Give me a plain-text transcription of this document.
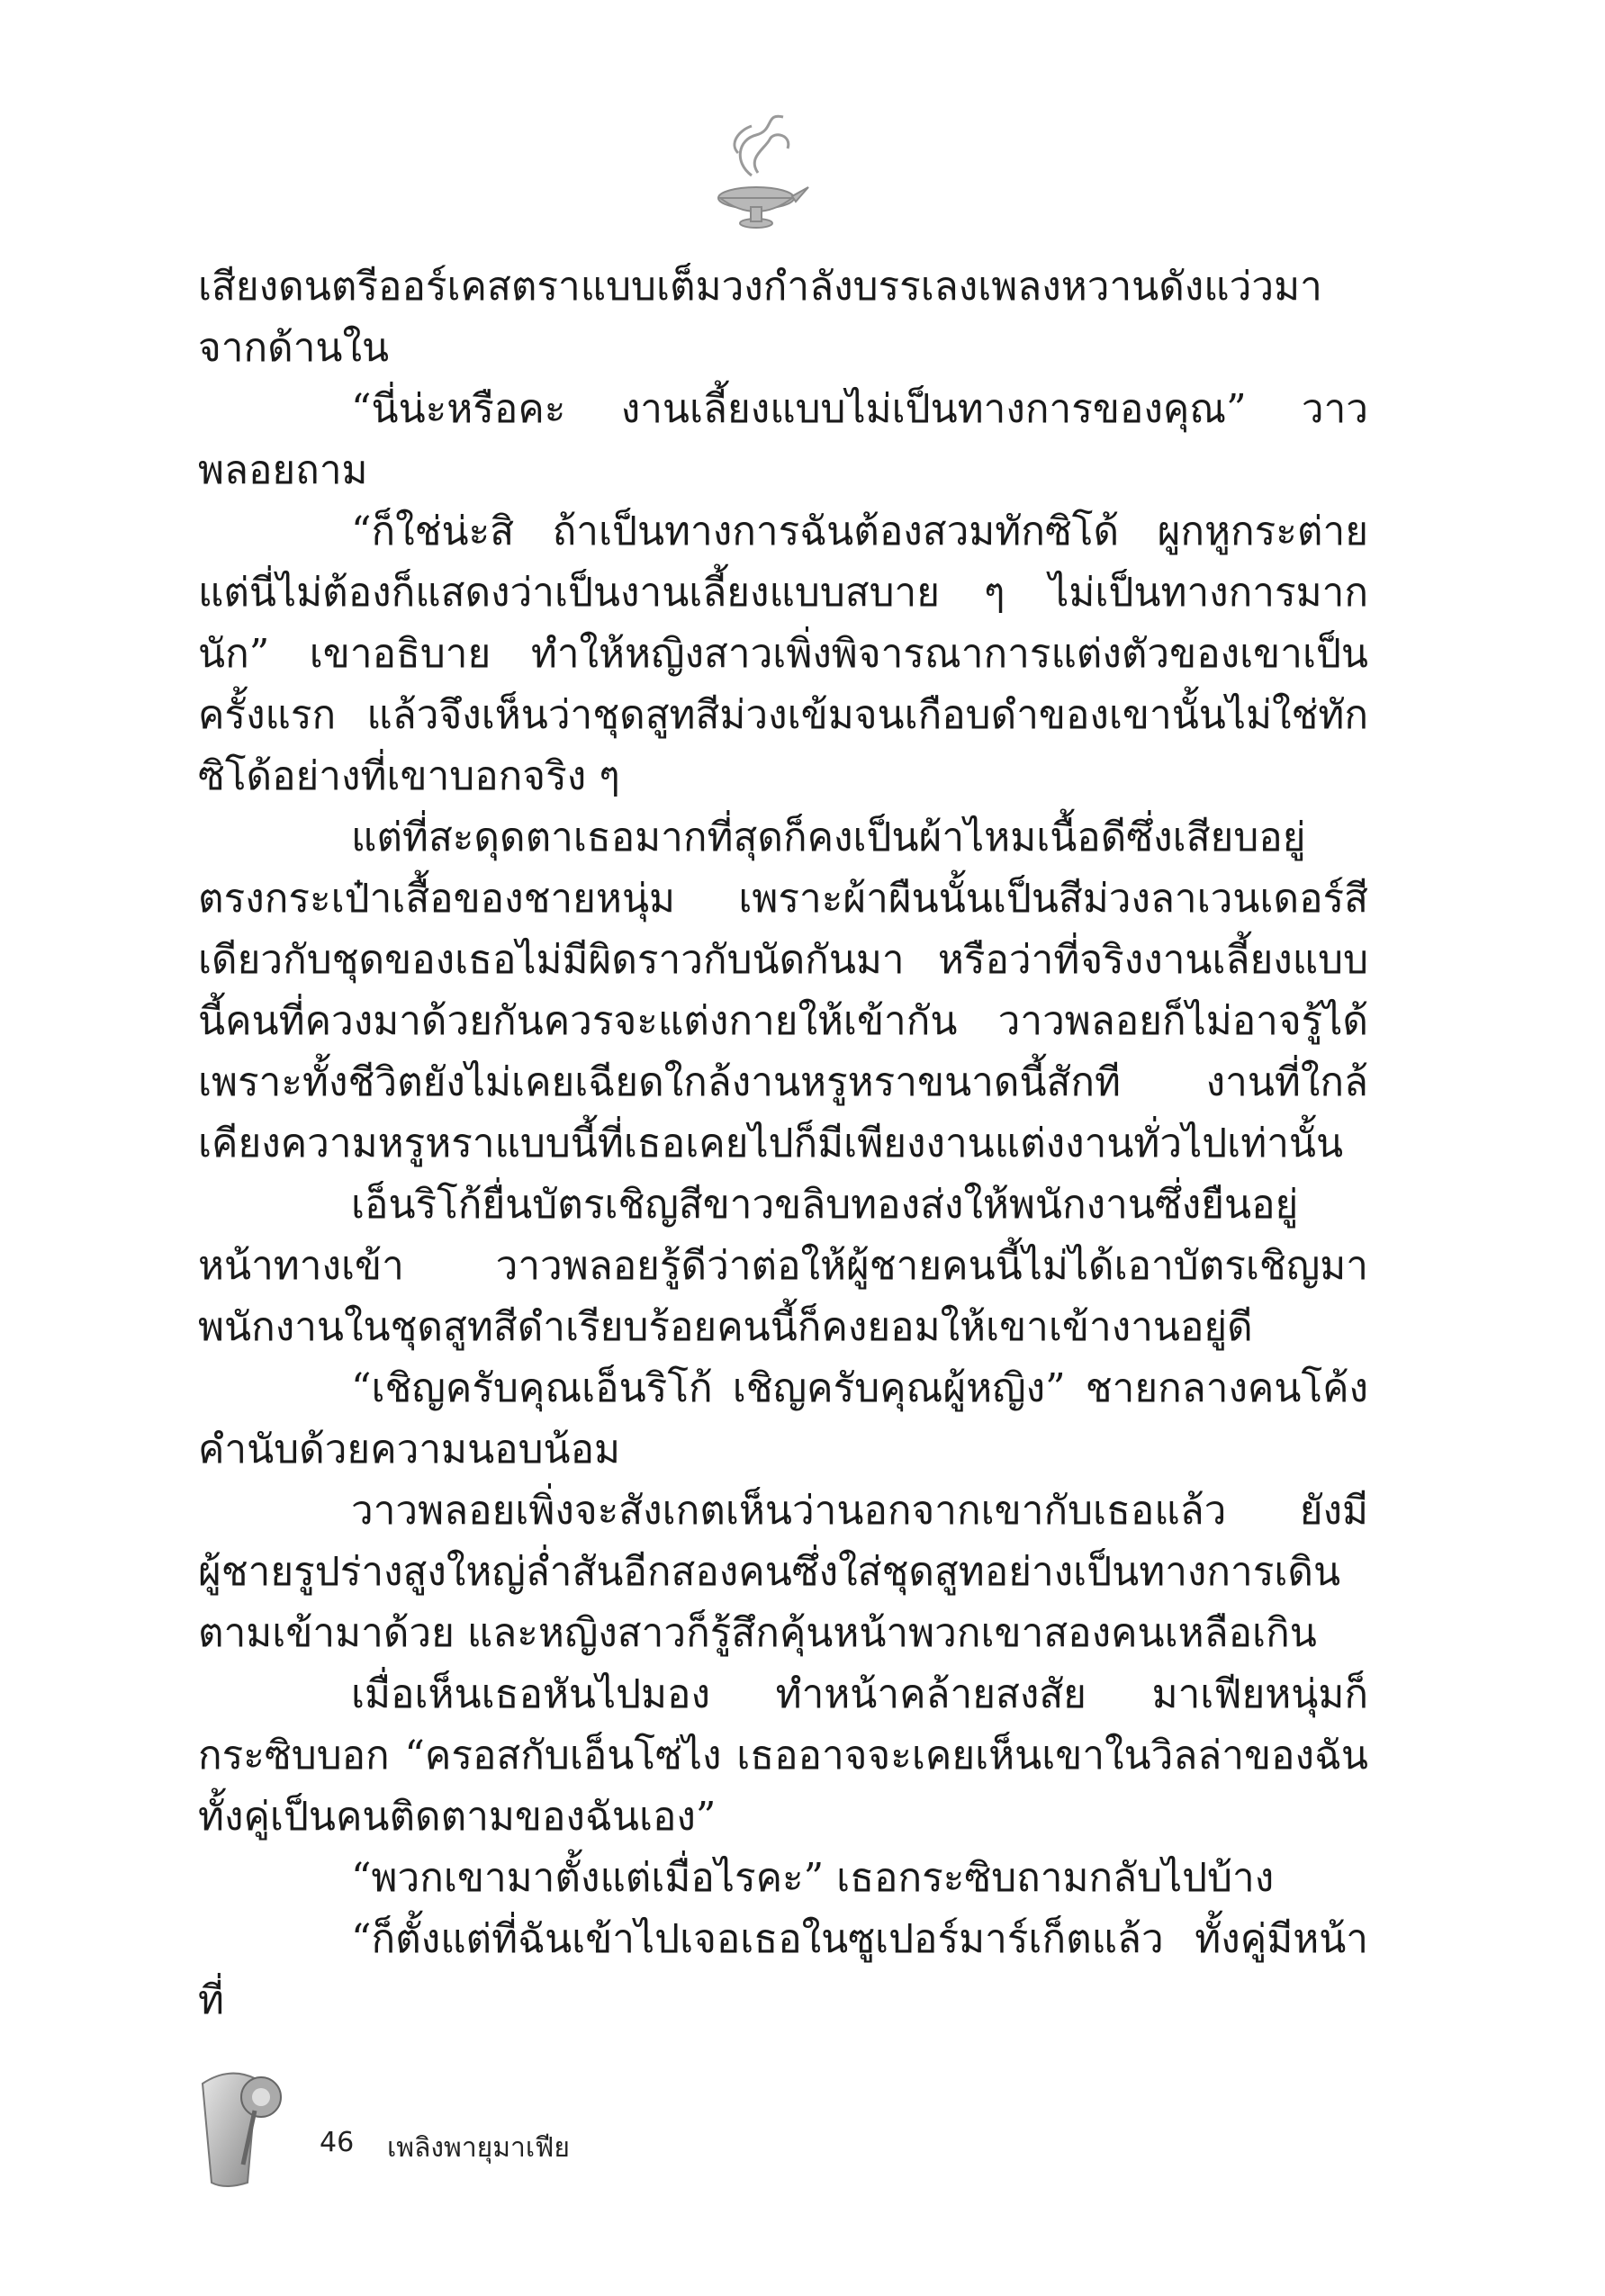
เสียงดนตรีออร์เคสตราแบบเต็มวงกำลังบรรเลงเพลงหวานดังแว่วมาจากด้านใน

“นี่น่ะหรือคะ งานเลี้ยงแบบไม่เป็นทางการของคุณ” วาวพลอยถาม

“ก็ใช่น่ะสิ ถ้าเป็นทางการฉันต้องสวมทักซิโด้ ผูกหูกระต่าย แต่นี่ไม่ต้องก็แสดงว่าเป็นงานเลี้ยงแบบสบาย ๆ ไม่เป็นทางการมากนัก” เขาอธิบาย ทำให้หญิงสาวเพิ่งพิจารณาการแต่งตัวของเขาเป็นครั้งแรก แล้วจึงเห็นว่าชุดสูทสีม่วงเข้มจนเกือบดำของเขานั้นไม่ใช่ทักซิโด้อย่างที่เขาบอกจริง ๆ

แต่ที่สะดุดตาเธอมากที่สุดก็คงเป็นผ้าไหมเนื้อดีซึ่งเสียบอยู่ตรงกระเป๋าเสื้อของชายหนุ่ม เพราะผ้าผืนนั้นเป็นสีม่วงลาเวนเดอร์สีเดียวกับชุดของเธอไม่มีผิดราวกับนัดกันมา หรือว่าที่จริงงานเลี้ยงแบบนี้คนที่ควงมาด้วยกันควรจะแต่งกายให้เข้ากัน วาวพลอยก็ไม่อาจรู้ได้ เพราะทั้งชีวิตยังไม่เคยเฉียดใกล้งานหรูหราขนาดนี้สักที งานที่ใกล้เคียงความหรูหราแบบนี้ที่เธอเคยไปก็มีเพียงงานแต่งงานทั่วไปเท่านั้น

เอ็นริโก้ยื่นบัตรเชิญสีขาวขลิบทองส่งให้พนักงานซึ่งยืนอยู่หน้าทางเข้า วาวพลอยรู้ดีว่าต่อให้ผู้ชายคนนี้ไม่ได้เอาบัตรเชิญมา พนักงานในชุดสูทสีดำเรียบร้อยคนนี้ก็คงยอมให้เขาเข้างานอยู่ดี

“เชิญครับคุณเอ็นริโก้ เชิญครับคุณผู้หญิง” ชายกลางคนโค้งคำนับด้วยความนอบน้อม

วาวพลอยเพิ่งจะสังเกตเห็นว่านอกจากเขากับเธอแล้ว ยังมีผู้ชายรูปร่างสูงใหญ่ล่ำสันอีกสองคนซึ่งใส่ชุดสูทอย่างเป็นทางการเดินตามเข้ามาด้วย และหญิงสาวก็รู้สึกคุ้นหน้าพวกเขาสองคนเหลือเกิน

เมื่อเห็นเธอหันไปมอง ทำหน้าคล้ายสงสัย มาเฟียหนุ่มก็กระซิบบอก “ครอสกับเอ็นโซ่ไง เธออาจจะเคยเห็นเขาในวิลล่าของฉัน ทั้งคู่เป็นคนติดตามของฉันเอง”

“พวกเขามาตั้งแต่เมื่อไรคะ” เธอกระซิบถามกลับไปบ้าง

“ก็ตั้งแต่ที่ฉันเข้าไปเจอเธอในซูเปอร์มาร์เก็ตแล้ว ทั้งคู่มีหน้าที่

46 เพลิงพายุมาเฟีย
